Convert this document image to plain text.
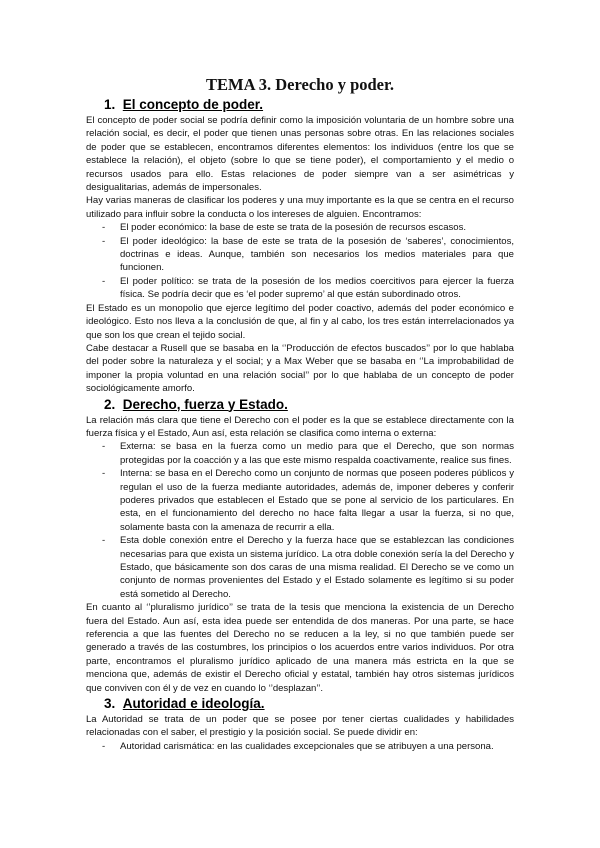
TEMA 3. Derecho y poder.
1. El concepto de poder.

El concepto de poder social se podría definir como la imposición voluntaria de un hombre sobre una relación social, es decir, el poder que tienen unas personas sobre otras. En las relaciones sociales de poder que se establecen, encontramos diferentes elementos: los individuos (entre los que se establece la relación), el objeto (sobre lo que se tiene poder), el comportamiento y el medio o recursos usados para ello. Estas relaciones de poder siempre van a ser asimétricas y desigualitarias, además de impersonales.

Hay varias maneras de clasificar los poderes y una muy importante es la que se centra en el recurso utilizado para influir sobre la conducta o los intereses de alguien. Encontramos:

- El poder económico: la base de este se trata de la posesión de recursos escasos.
- El poder ideológico: la base de este se trata de la posesión de ‘saberes’, conocimientos, doctrinas e ideas. Aunque, también son necesarios los medios materiales para que funcionen.
- El poder político: se trata de la posesión de los medios coercitivos para ejercer la fuerza física. Se podría decir que es ‘el poder supremo’ al que están subordinado otros.

El Estado es un monopolio que ejerce legítimo del poder coactivo, además del poder económico e ideológico. Esto nos lleva a la conclusión de que, al fin y al cabo, los tres están interrelacionados ya que son los que crean el tejido social.

Cabe destacar a Rusell que se basaba en la ‘’Producción de efectos buscados’’ por lo que hablaba del poder sobre la naturaleza y el social; y a Max Weber que se basaba en ‘’La improbabilidad de imponer la propia voluntad en una relación social’’ por lo que hablaba de un concepto de poder sociológicamente amorfo.

2. Derecho, fuerza y Estado.

La relación más clara que tiene el Derecho con el poder es la que se establece directamente con la fuerza física y el Estado, Aun así, esta relación se clasifica como interna o externa:

- Externa: se basa en la fuerza como un medio para que el Derecho, que son normas protegidas por la coacción y a las que este mismo respalda coactivamente, realice sus fines.
- Interna: se basa en el Derecho como un conjunto de normas que poseen poderes públicos y regulan el uso de la fuerza mediante autoridades, además de, imponer deberes y conferir poderes privados que establecen el Estado que se pone al servicio de los particulares. En esta, en el funcionamiento del derecho no hace falta llegar a usar la fuerza, si no que, solamente basta con la amenaza de recurrir a ella.
- Esta doble conexión entre el Derecho y la fuerza hace que se establezcan las condiciones necesarias para que exista un sistema jurídico. La otra doble conexión sería la del Derecho y Estado, que básicamente son dos caras de una misma realidad. El Derecho se ve como un conjunto de normas provenientes del Estado y el Estado solamente es legítimo si su poder está sometido al Derecho.

En cuanto al ‘’pluralismo jurídico’’ se trata de la tesis que menciona la existencia de un Derecho fuera del Estado. Aun así, esta idea puede ser entendida de dos maneras. Por una parte, se hace referencia a que las fuentes del Derecho no se reducen a la ley, si no que también puede ser generado a través de las costumbres, los principios o los acuerdos entre varios individuos. Por otra parte, encontramos el pluralismo jurídico aplicado de una manera más estricta en la que se menciona que, además de existir el Derecho oficial y estatal, también hay otros sistemas jurídicos que conviven con él y de vez en cuando lo ‘’desplazan’’.

3. Autoridad e ideología.

La Autoridad se trata de un poder que se posee por tener ciertas cualidades y habilidades relacionadas con el saber, el prestigio y la posición social. Se puede dividir en:

- Autoridad carismática: en las cualidades excepcionales que se atribuyen a una persona.
